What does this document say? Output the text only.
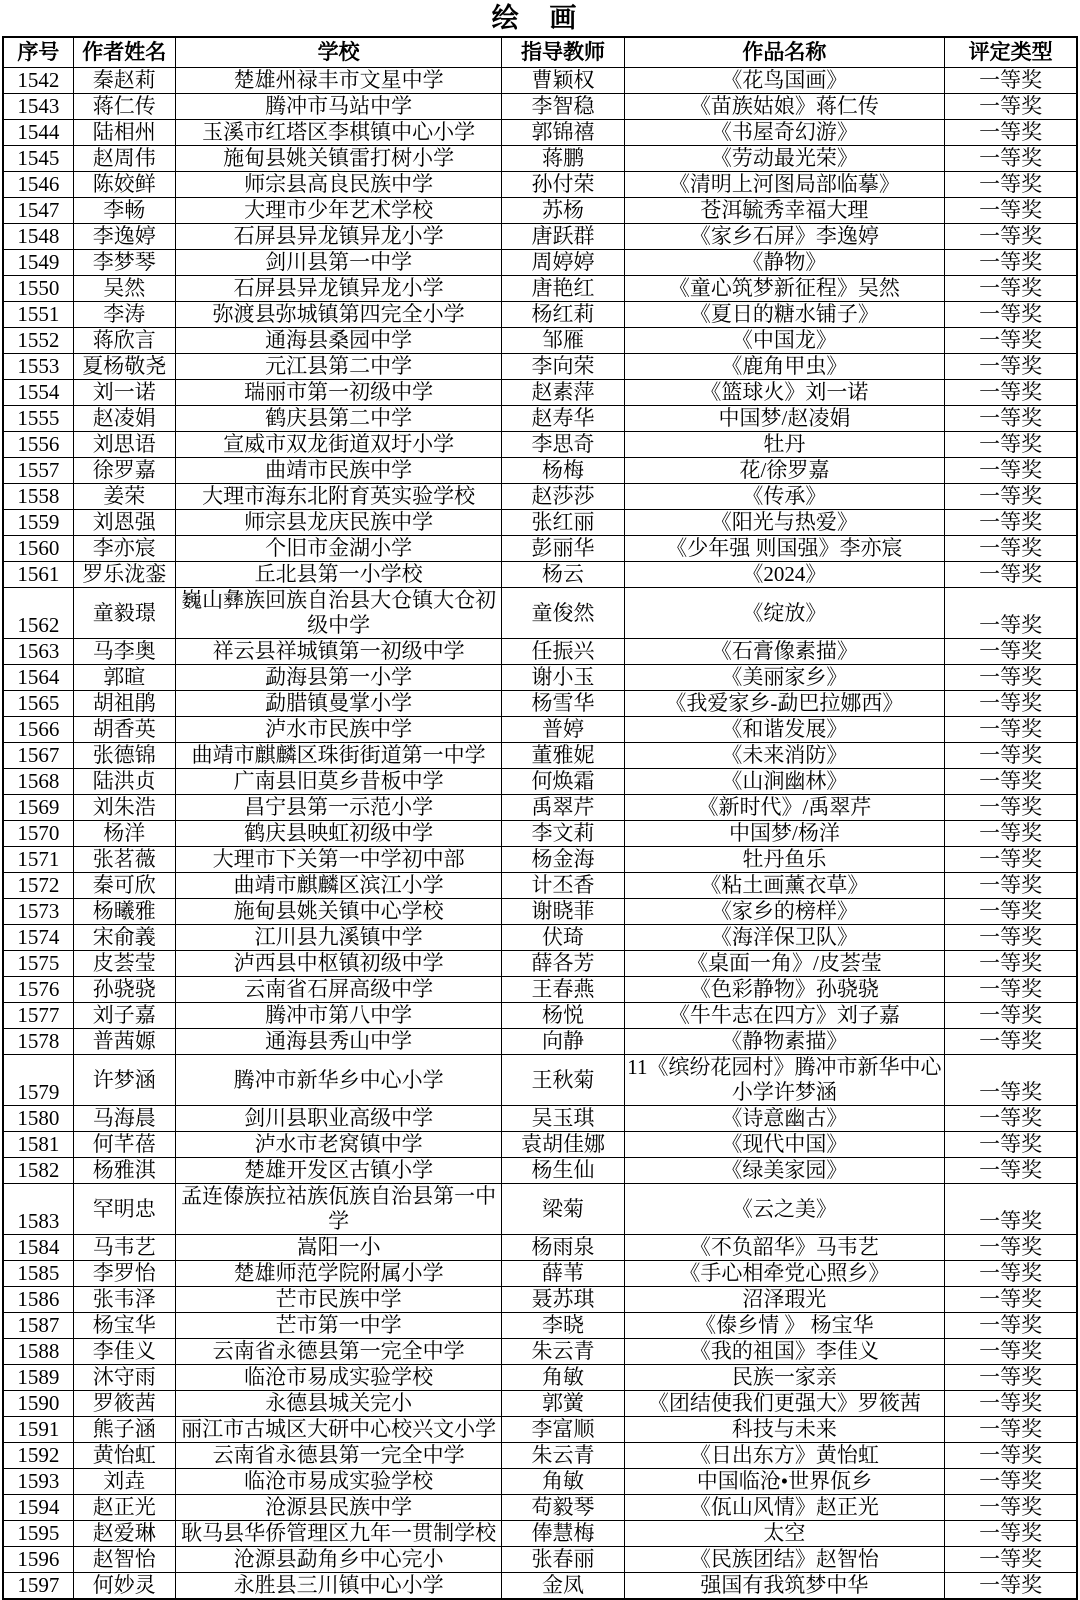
绘 画
序号	作者姓名	学校	指导教师	作品名称	评定类型
1542	秦赵莉	楚雄州禄丰市文星中学	曹颖权	《花鸟国画》	一等奖
1543	蒋仁传	腾冲市马站中学	李智稳	《苗族姑娘》蒋仁传	一等奖
1544	陆相州	玉溪市红塔区李棋镇中心小学	郭锦禧	《书屋奇幻游》	一等奖
1545	赵周伟	施甸县姚关镇雷打树小学	蒋鹏	《劳动最光荣》	一等奖
1546	陈姣鲜	师宗县高良民族中学	孙付荣	《清明上河图局部临摹》	一等奖
1547	李畅	大理市少年艺术学校	苏杨	苍洱毓秀幸福大理	一等奖
1548	李逸婷	石屏县异龙镇异龙小学	唐跃群	《家乡石屏》李逸婷	一等奖
1549	李梦琴	剑川县第一中学	周婷婷	《静物》	一等奖
1550	吴然	石屏县异龙镇异龙小学	唐艳红	《童心筑梦新征程》吴然	一等奖
1551	李涛	弥渡县弥城镇第四完全小学	杨红莉	《夏日的糖水铺子》	一等奖
1552	蒋欣言	通海县桑园中学	邹雁	《中国龙》	一等奖
1553	夏杨敬尧	元江县第二中学	李向荣	《鹿角甲虫》	一等奖
1554	刘一诺	瑞丽市第一初级中学	赵素萍	《篮球火》刘一诺	一等奖
1555	赵凌娟	鹤庆县第二中学	赵寿华	中国梦/赵凌娟	一等奖
1556	刘思语	宣威市双龙街道双圩小学	李思奇	牡丹	一等奖
1557	徐罗嘉	曲靖市民族中学	杨梅	花/徐罗嘉	一等奖
1558	姜荣	大理市海东北附育英实验学校	赵莎莎	《传承》	一等奖
1559	刘恩强	师宗县龙庆民族中学	张红丽	《阳光与热爱》	一等奖
1560	李亦宸	个旧市金湖小学	彭丽华	《少年强 则国强》李亦宸	一等奖
1561	罗乐泷銮	丘北县第一小学校	杨云	《2024》	一等奖
1562	童毅璟	巍山彝族回族自治县大仓镇大仓初级中学	童俊然	《绽放》	一等奖
1563	马李奥	祥云县祥城镇第一初级中学	任振兴	《石膏像素描》	一等奖
1564	郭暄	勐海县第一小学	谢小玉	《美丽家乡》	一等奖
1565	胡祖鹃	勐腊镇曼掌小学	杨雪华	《我爱家乡-勐巴拉娜西》	一等奖
1566	胡香英	泸水市民族中学	普婷	《和谐发展》	一等奖
1567	张德锦	曲靖市麒麟区珠街街道第一中学	董雅妮	《未来消防》	一等奖
1568	陆洪贞	广南县旧莫乡昔板中学	何焕霜	《山涧幽林》	一等奖
1569	刘朱浩	昌宁县第一示范小学	禹翠芹	《新时代》/禹翠芹	一等奖
1570	杨洋	鹤庆县映虹初级中学	李文莉	中国梦/杨洋	一等奖
1571	张茗薇	大理市下关第一中学初中部	杨金海	牡丹鱼乐	一等奖
1572	秦可欣	曲靖市麒麟区滨江小学	计丕香	《粘土画薰衣草》	一等奖
1573	杨曦雅	施甸县姚关镇中心学校	谢晓菲	《家乡的榜样》	一等奖
1574	宋俞義	江川县九溪镇中学	伏琦	《海洋保卫队》	一等奖
1575	皮荟莹	泸西县中枢镇初级中学	薛各芳	《桌面一角》/皮荟莹	一等奖
1576	孙骁骁	云南省石屏高级中学	王春燕	《色彩静物》孙骁骁	一等奖
1577	刘子嘉	腾冲市第八中学	杨悦	《牛牛志在四方》刘子嘉	一等奖
1578	普茜嫄	通海县秀山中学	向静	《静物素描》	一等奖
1579	许梦涵	腾冲市新华乡中心小学	王秋菊	11《缤纷花园村》腾冲市新华中心小学许梦涵	一等奖
1580	马海晨	剑川县职业高级中学	吴玉琪	《诗意幽古》	一等奖
1581	何芊蓓	泸水市老窝镇中学	袁胡佳娜	《现代中国》	一等奖
1582	杨雅淇	楚雄开发区古镇小学	杨生仙	《绿美家园》	一等奖
1583	罕明忠	孟连傣族拉祜族佤族自治县第一中学	梁菊	《云之美》	一等奖
1584	马韦艺	嵩阳一小	杨雨泉	《不负韶华》马韦艺	一等奖
1585	李罗怡	楚雄师范学院附属小学	薛苇	《手心相牵党心照乡》	一等奖
1586	张韦泽	芒市民族中学	聂苏琪	沼泽瑕光	一等奖
1587	杨宝华	芒市第一中学	李晓	《傣乡情 》 杨宝华	一等奖
1588	李佳义	云南省永德县第一完全中学	朱云青	《我的祖国》李佳义	一等奖
1589	沐守雨	临沧市易成实验学校	角敏	民族一家亲	一等奖
1590	罗筱茜	永德县城关完小	郭黉	《团结使我们更强大》罗筱茜	一等奖
1591	熊子涵	丽江市古城区大研中心校兴文小学	李富顺	科技与未来	一等奖
1592	黄怡虹	云南省永德县第一完全中学	朱云青	《日出东方》黄怡虹	一等奖
1593	刘垚	临沧市易成实验学校	角敏	中国临沧•世界佤乡	一等奖
1594	赵正光	沧源县民族中学	苟毅琴	《佤山风情》赵正光	一等奖
1595	赵爱琳	耿马县华侨管理区九年一贯制学校	俸慧梅	太空	一等奖
1596	赵智怡	沧源县勐角乡中心完小	张春丽	《民族团结》赵智怡	一等奖
1597	何妙灵	永胜县三川镇中心小学	金凤	强国有我筑梦中华	一等奖
